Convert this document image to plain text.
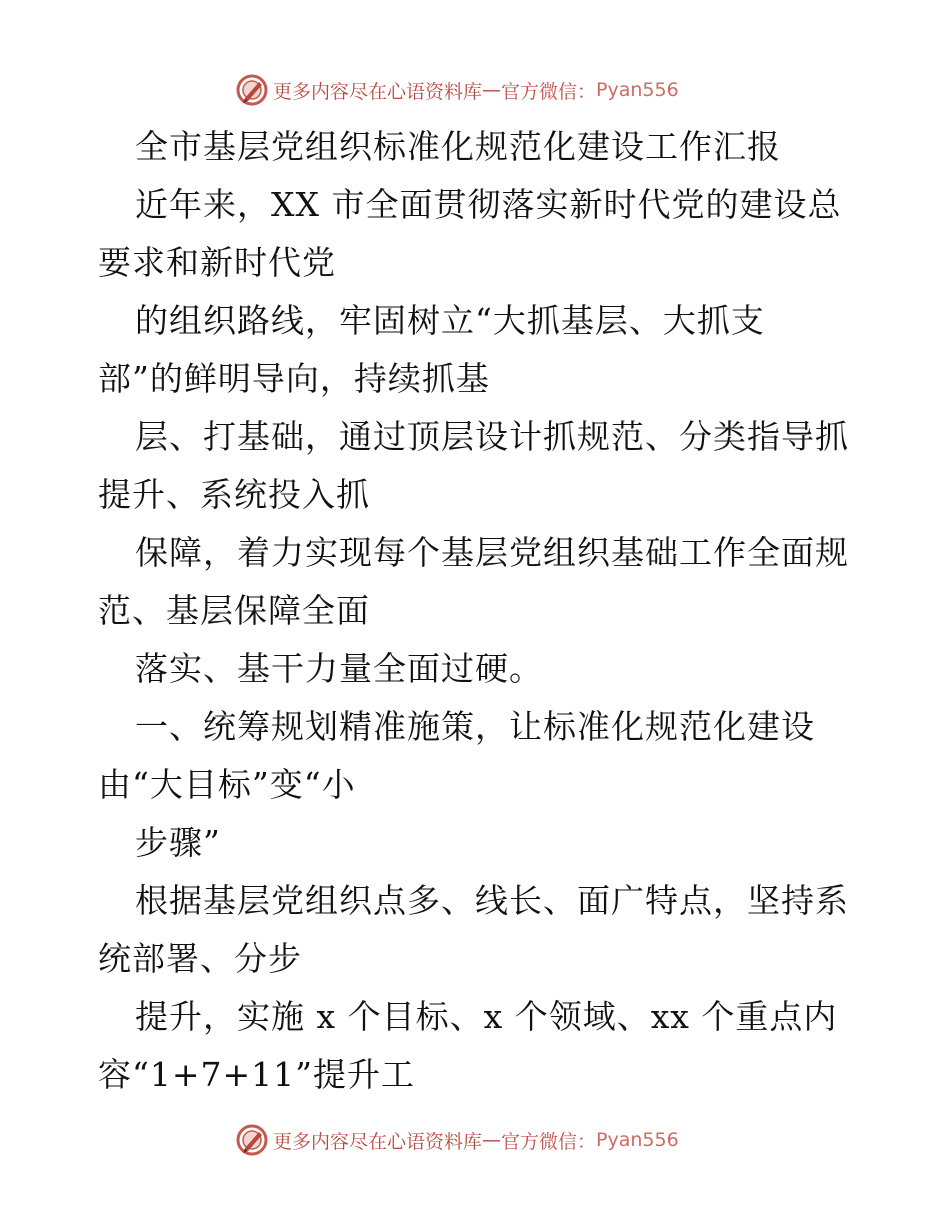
更多内容尽在心语资料库 — 官方微信： Pyan556
全市基层党组织标准化规范化建设工作汇报
近年来，XX 市全面贯彻落实新时代党的建设总
要求和新时代党
的组织路线，牢固树立“大抓基层、大抓支
部”的鲜明导向，持续抓基
层、打基础，通过顶层设计抓规范、分类指导抓
提升、系统投入抓
保障，着力实现每个基层党组织基础工作全面规
范、基层保障全面
落实、基干力量全面过硬。
一、统筹规划精准施策，让标准化规范化建设
由“大目标”变“小
步骤”
根据基层党组织点多、线长、面广特点，坚持系
统部署、分步
提升，实施 x 个目标、x 个领域、xx 个重点内
容“1+7+11”提升工
更多内容尽在心语资料库 — 官方微信： Pyan556
